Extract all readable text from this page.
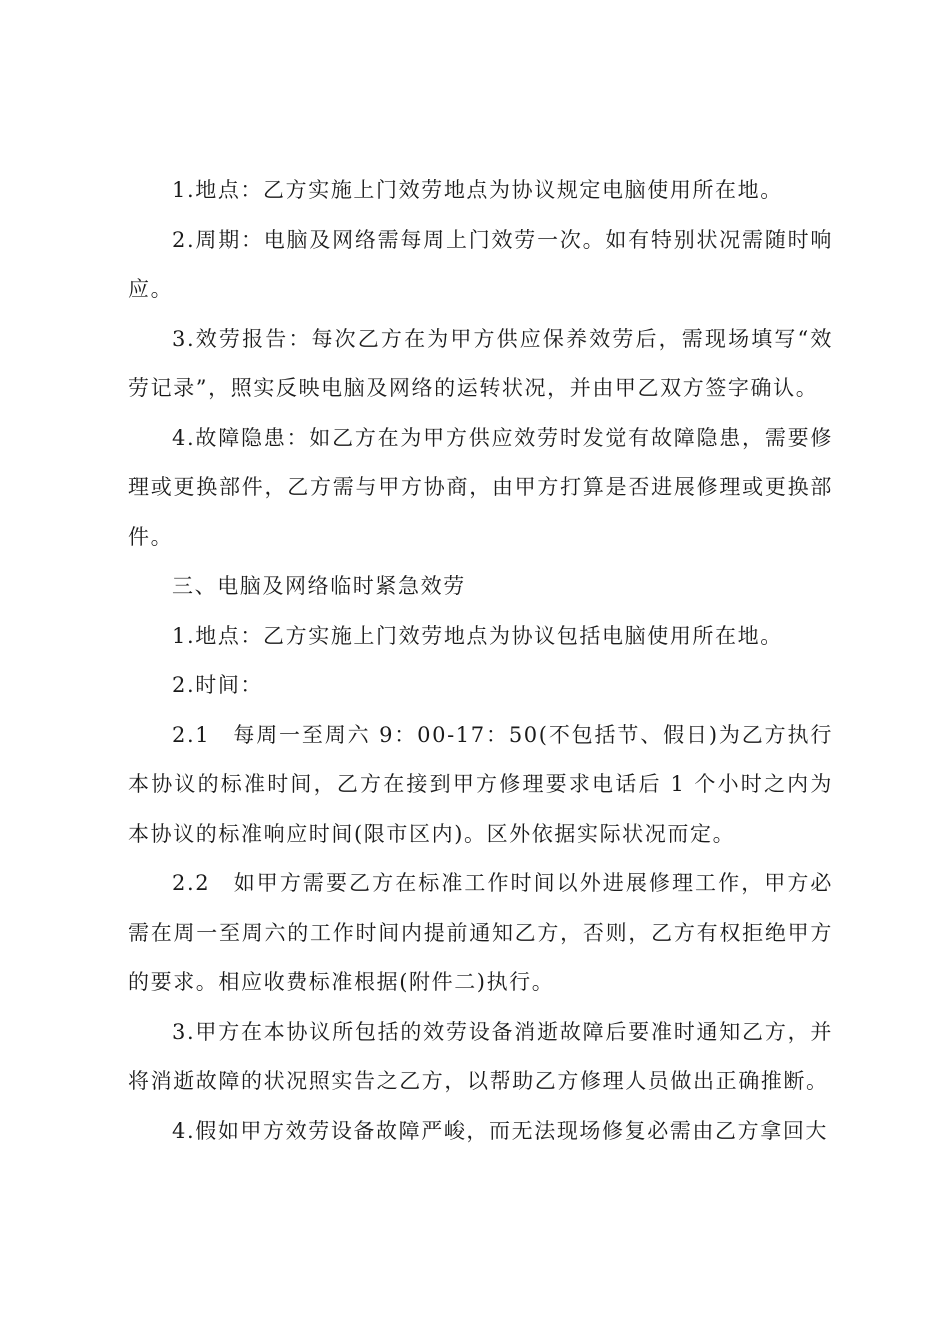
1.地点：乙方实施上门效劳地点为协议规定电脑使用所在地。

2.周期：电脑及网络需每周上门效劳一次。如有特别状况需随时响应。

3.效劳报告：每次乙方在为甲方供应保养效劳后，需现场填写“效劳记录”，照实反映电脑及网络的运转状况，并由甲乙双方签字确认。

4.故障隐患：如乙方在为甲方供应效劳时发觉有故障隐患，需要修理或更换部件，乙方需与甲方协商，由甲方打算是否进展修理或更换部件。

三、电脑及网络临时紧急效劳

1.地点：乙方实施上门效劳地点为协议包括电脑使用所在地。

2.时间：

2.1　每周一至周六 9：00-17：50(不包括节、假日)为乙方执行本协议的标准时间，乙方在接到甲方修理要求电话后 1 个小时之内为本协议的标准响应时间(限市区内)。区外依据实际状况而定。

2.2　如甲方需要乙方在标准工作时间以外进展修理工作，甲方必需在周一至周六的工作时间内提前通知乙方，否则，乙方有权拒绝甲方的要求。相应收费标准根据(附件二)执行。

3.甲方在本协议所包括的效劳设备消逝故障后要准时通知乙方，并将消逝故障的状况照实告之乙方，以帮助乙方修理人员做出正确推断。

4.假如甲方效劳设备故障严峻，而无法现场修复必需由乙方拿回大
